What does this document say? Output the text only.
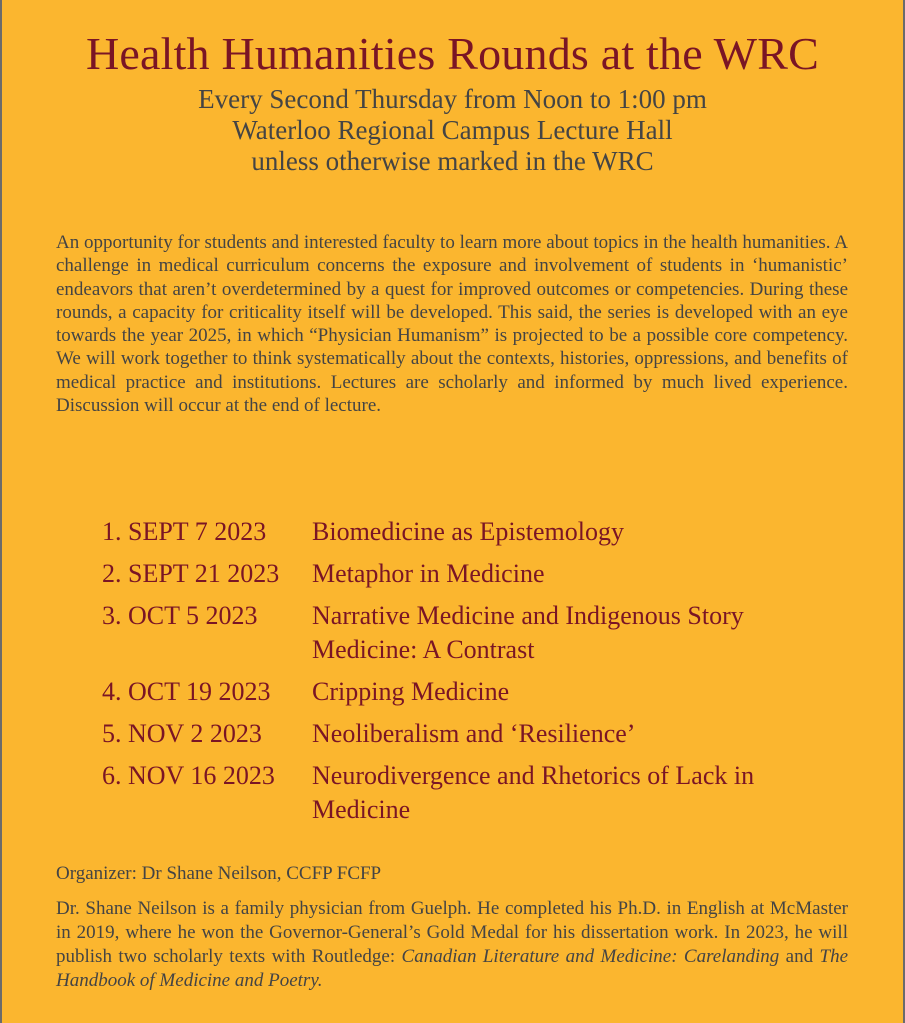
Health Humanities Rounds at the WRC
Every Second Thursday from Noon to 1:00 pm
Waterloo Regional Campus Lecture Hall
unless otherwise marked in the WRC

An opportunity for students and interested faculty to learn more about topics in the health humanities. A challenge in medical curriculum concerns the exposure and involvement of students in ‘humanistic’ endeavors that aren’t overdetermined by a quest for improved outcomes or competencies. During these rounds, a capacity for criticality itself will be developed. This said, the series is developed with an eye towards the year 2025, in which “Physician Humanism” is projected to be a possible core competency. We will work together to think systematically about the contexts, histories, oppressions, and benefits of medical practice and institutions. Lectures are scholarly and informed by much lived experience. Discussion will occur at the end of lecture.

1. SEPT 7 2023	Biomedicine as Epistemology
2. SEPT 21 2023	Metaphor in Medicine
3. OCT 5 2023	Narrative Medicine and Indigenous Story Medicine: A Contrast
4. OCT 19 2023	Cripping Medicine
5. NOV 2 2023	Neoliberalism and ‘Resilience’
6. NOV 16 2023	Neurodivergence and Rhetorics of Lack in Medicine
Organizer: Dr Shane Neilson, CCFP FCFP

Dr. Shane Neilson is a family physician from Guelph. He completed his Ph.D. in English at McMaster in 2019, where he won the Governor-General’s Gold Medal for his dissertation work. In 2023, he will publish two scholarly texts with Routledge: Canadian Literature and Medicine: Carelanding and The Handbook of Medicine and Poetry.
